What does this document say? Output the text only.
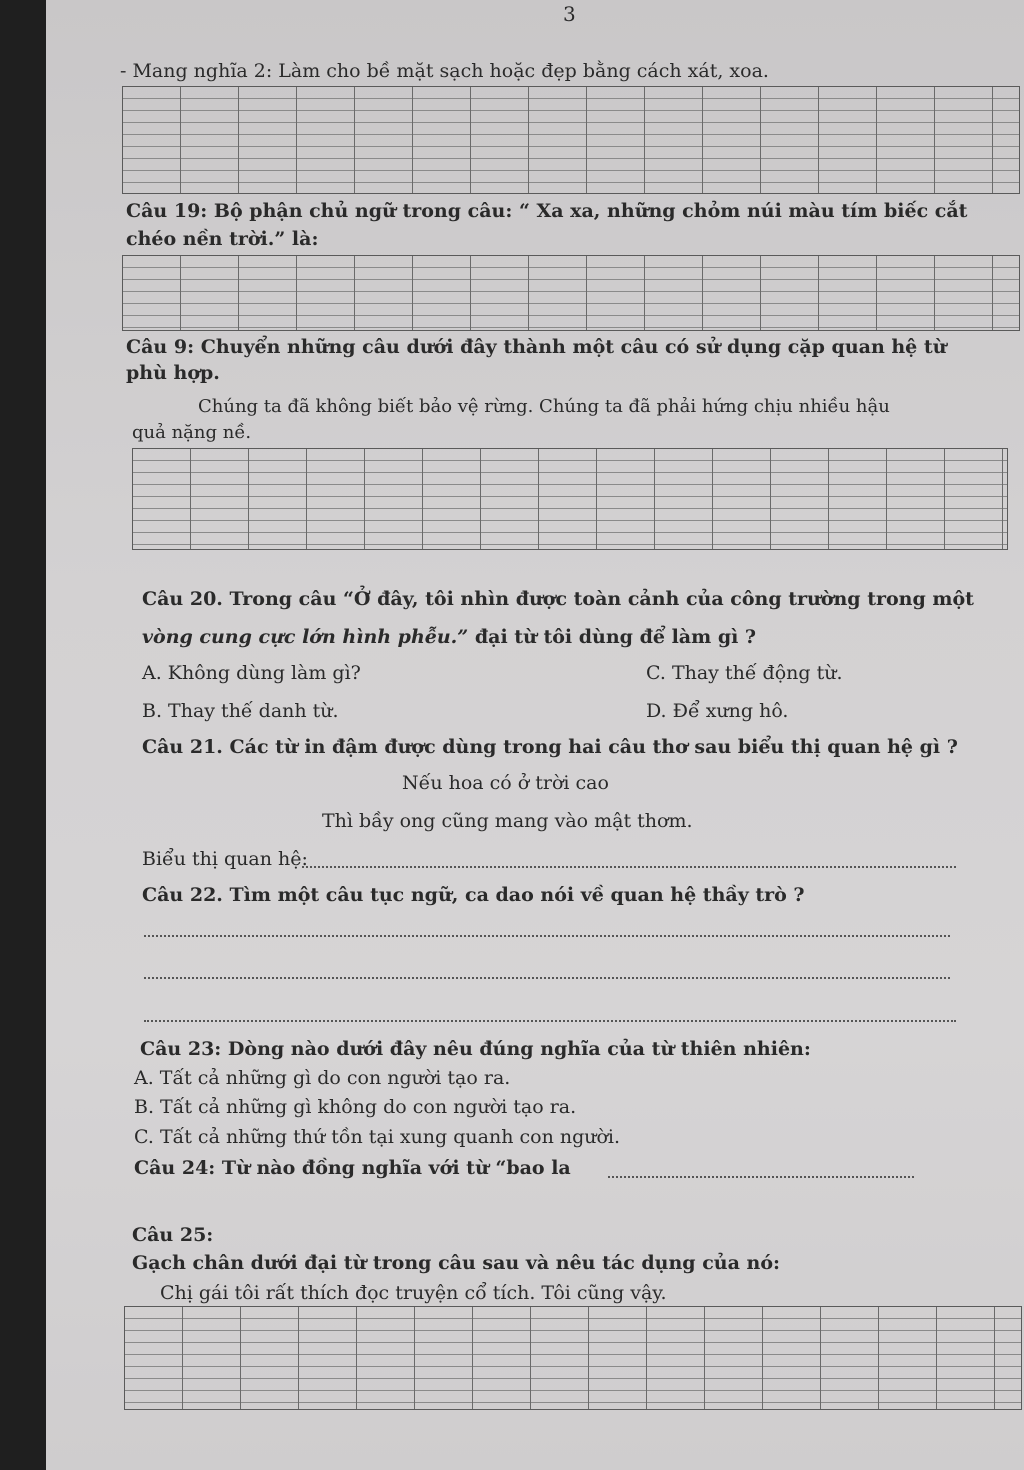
3
- Mang nghĩa 2: Làm cho bề mặt sạch hoặc đẹp bằng cách xát, xoa.
Câu 19: Bộ phận chủ ngữ trong câu: “ Xa xa, những chỏm núi màu tím biếc cắt
chéo nền trời.” là:
Câu 9: Chuyển những câu dưới đây thành một câu có sử dụng cặp quan hệ từ
phù hợp.
Chúng ta đã không biết bảo vệ rừng. Chúng ta đã phải hứng chịu nhiều hậu
quả nặng nề.
Câu 20. Trong câu “Ở đây, tôi nhìn được toàn cảnh của công trường trong một
vòng cung cực lớn hình phễu.” đại từ tôi dùng để làm gì ?
A. Không dùng làm gì?	C. Thay thế động từ.
B. Thay thế danh từ.	D. Để xưng hô.
Câu 21. Các từ in đậm được dùng trong hai câu thơ sau biểu thị quan hệ gì ?
Nếu hoa có ở trời cao
Thì bầy ong cũng mang vào mật thơm.
Biểu thị quan hệ:
Câu 22. Tìm một câu tục ngữ, ca dao nói về quan hệ thầy trò ?
Câu 23: Dòng nào dưới đây nêu đúng nghĩa của từ thiên nhiên:
A. Tất cả những gì do con người tạo ra.
B. Tất cả những gì không do con người tạo ra.
C. Tất cả những thứ tồn tại xung quanh con người.
Câu 24: Từ nào đồng nghĩa với từ “bao la
Câu 25:
Gạch chân dưới đại từ trong câu sau và nêu tác dụng của nó:
Chị gái tôi rất thích đọc truyện cổ tích. Tôi cũng vậy.
